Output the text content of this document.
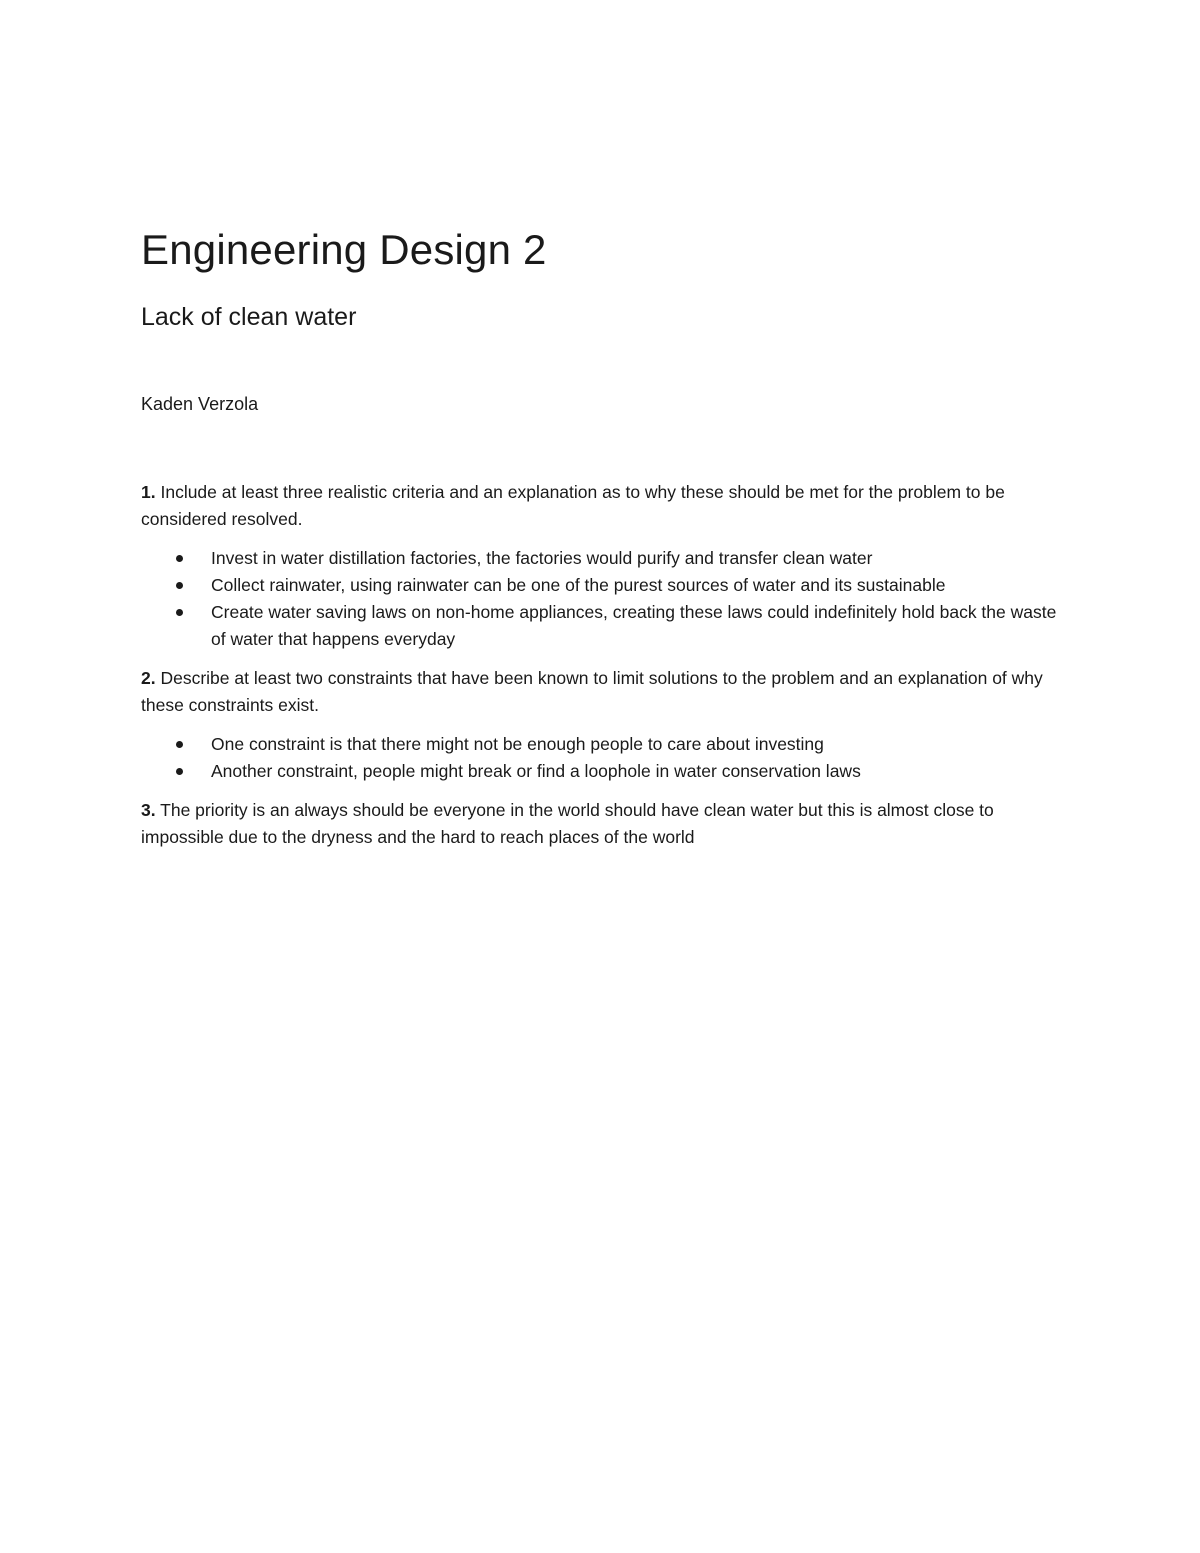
Engineering Design 2
Lack of clean water

Kaden Verzola

1. Include at least three realistic criteria and an explanation as to why these should be met for the problem to be considered resolved.

Invest in water distillation factories, the factories would purify and transfer clean water
Collect rainwater, using rainwater can be one of the purest sources of water and its sustainable
Create water saving laws on non-home appliances, creating these laws could indefinitely hold back the waste of water that happens everyday

2. Describe at least two constraints that have been known to limit solutions to the problem and an explanation of why these constraints exist.

One constraint is that there might not be enough people to care about investing
Another constraint, people might break or find a loophole in water conservation laws

3. The priority is an always should be everyone in the world should have clean water but this is almost close to impossible due to the dryness and the hard to reach places of the world
